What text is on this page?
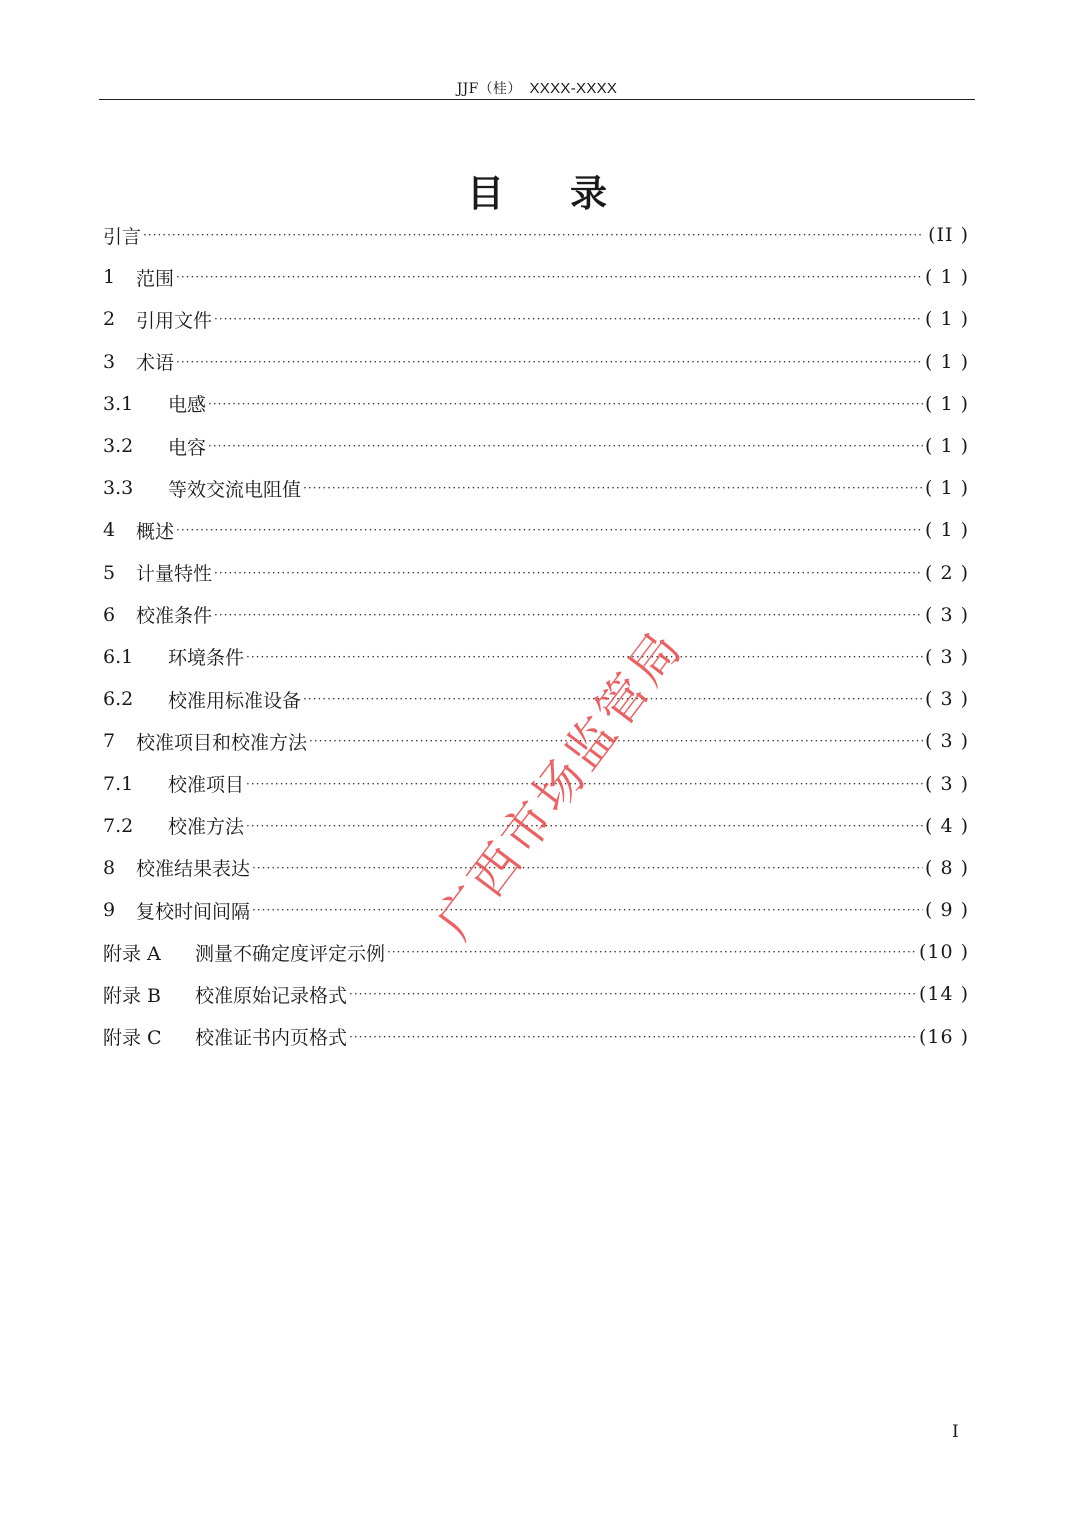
JJF（桂） XXXX-XXXX
目 录
引言 ·····	(II )
1	范围 ·····	( 1 )
2	引用文件 ·····	( 1 )
3	术语 ·····	( 1 )
3.1	电感 ·····	( 1 )
3.2	电容 ·····	( 1 )
3.3	等效交流电阻值 ·····	( 1 )
4	概述 ·····	( 1 )
5	计量特性 ·····	( 2 )
6	校准条件 ·····	( 3 )
6.1	环境条件 ·····	( 3 )
6.2	校准用标准设备 ·····	( 3 )
7	校准项目和校准方法 ·····	( 3 )
7.1	校准项目 ·····	( 3 )
7.2	校准方法 ·····	( 4 )
8	校准结果表达 ·····	( 8 )
9	复校时间间隔 ·····	( 9 )
附录 A	测量不确定度评定示例 ·····	(10 )
附录 B	校准原始记录格式 ·····	(14 )
附录 C	校准证书内页格式 ·····	(16 )
广西市场监管局
I
